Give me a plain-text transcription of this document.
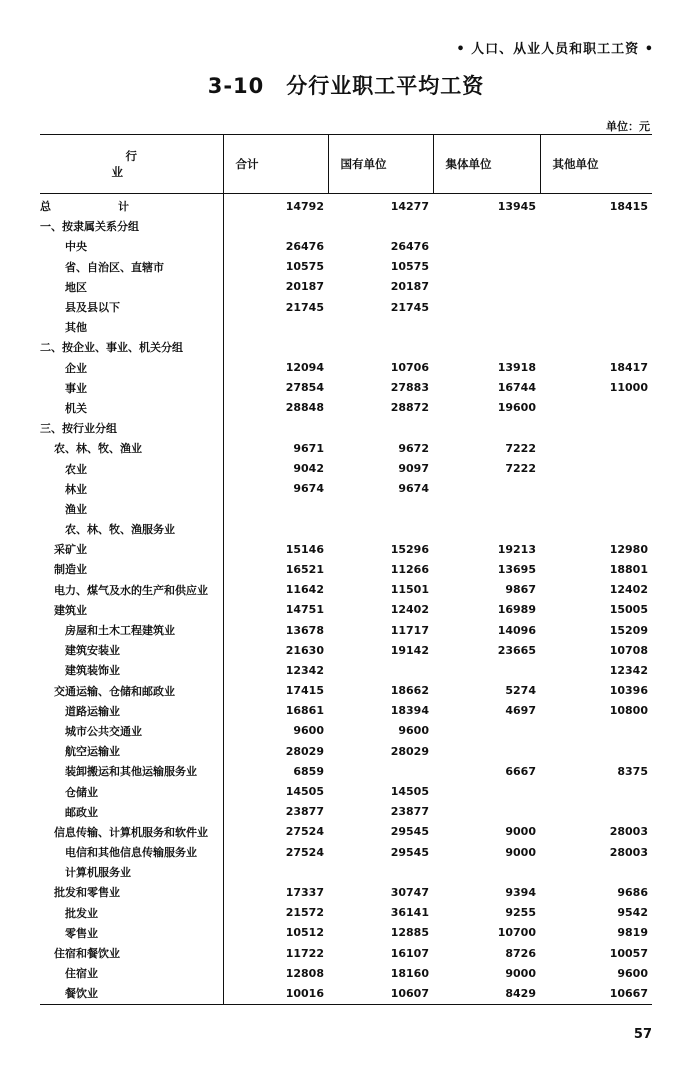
• 人口、从业人员和职工工资 •
3-10　分行业职工平均工资
单位：元
行　　业	合计	国有单位	集体单位	其他单位
总　　计	14792	14277	13945	18415
一、按隶属关系分组				
中央	26476	26476		
省、自治区、直辖市	10575	10575		
地区	20187	20187		
县及县以下	21745	21745		
其他				
二、按企业、事业、机关分组				
企业	12094	10706	13918	18417
事业	27854	27883	16744	11000
机关	28848	28872	19600	
三、按行业分组				
农、林、牧、渔业	9671	9672	7222	
农业	9042	9097	7222	
林业	9674	9674		
渔业				
农、林、牧、渔服务业				
采矿业	15146	15296	19213	12980
制造业	16521	11266	13695	18801
电力、煤气及水的生产和供应业	11642	11501	9867	12402
建筑业	14751	12402	16989	15005
房屋和土木工程建筑业	13678	11717	14096	15209
建筑安装业	21630	19142	23665	10708
建筑装饰业	12342			12342
交通运输、仓储和邮政业	17415	18662	5274	10396
道路运输业	16861	18394	4697	10800
城市公共交通业	9600	9600		
航空运输业	28029	28029		
装卸搬运和其他运输服务业	6859		6667	8375
仓储业	14505	14505		
邮政业	23877	23877		
信息传输、计算机服务和软件业	27524	29545	9000	28003
电信和其他信息传输服务业	27524	29545	9000	28003
计算机服务业				
批发和零售业	17337	30747	9394	9686
批发业	21572	36141	9255	9542
零售业	10512	12885	10700	9819
住宿和餐饮业	11722	16107	8726	10057
住宿业	12808	18160	9000	9600
餐饮业	10016	10607	8429	10667
57
